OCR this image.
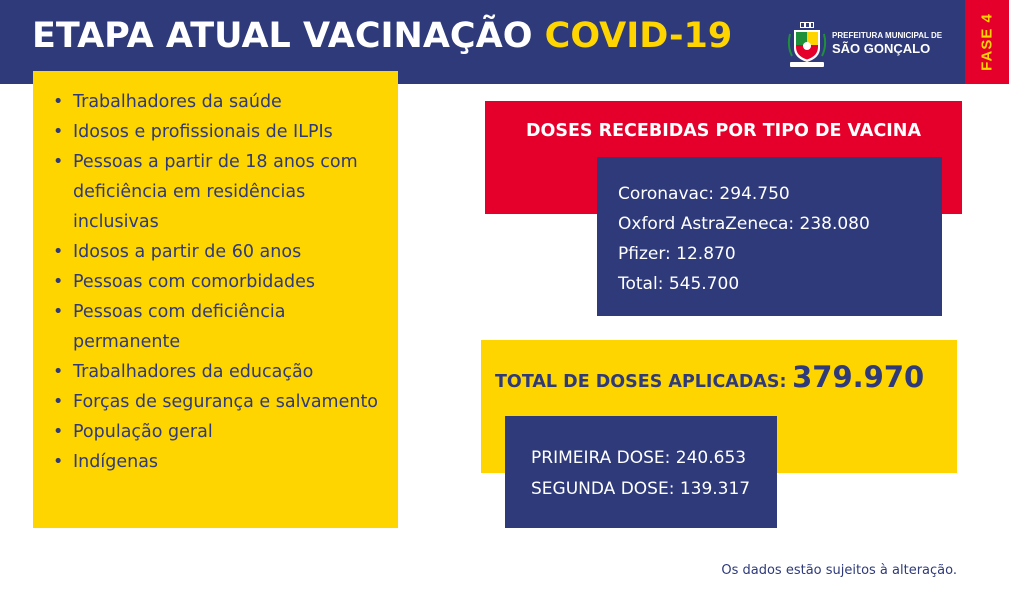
ETAPA ATUAL VACINAÇÃO COVID-19	PREFEITURA MUNICIPAL DE
SÃO GONÇALO	FASE 4
• Trabalhadores da saúde
• Idosos e profissionais de ILPIs
• Pessoas a partir de 18 anos com deficiência em residências inclusivas
• Idosos a partir de 60 anos
• Pessoas com comorbidades
• Pessoas com deficiência permanente
• Trabalhadores da educação
• Forças de segurança e salvamento
• População geral
• Indígenas
DOSES RECEBIDAS POR TIPO DE VACINA
Coronavac: 294.750
Oxford AstraZeneca: 238.080
Pfizer: 12.870
Total: 545.700
TOTAL DE DOSES APLICADAS: 379.970
PRIMEIRA DOSE: 240.653
SEGUNDA DOSE: 139.317
Os dados estão sujeitos à alteração.
